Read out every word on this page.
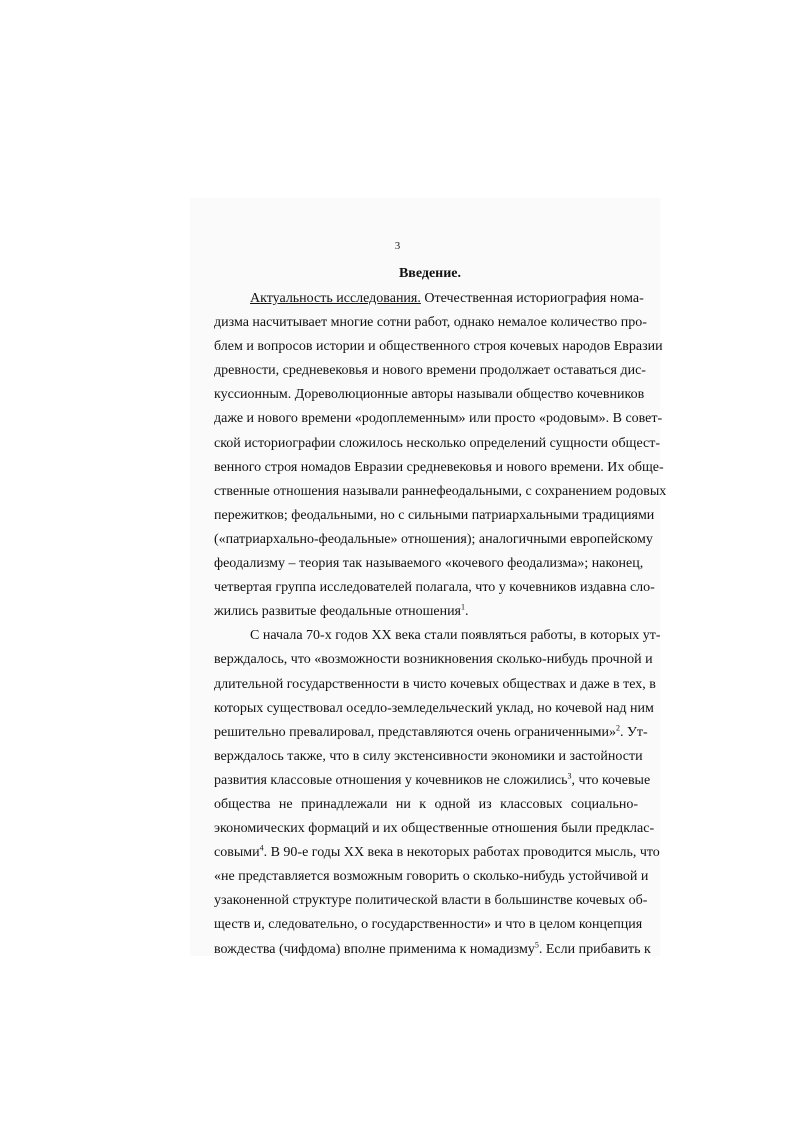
3
Введение.

Актуальность исследования. Отечественная историография нома-
дизма насчитывает многие сотни работ, однако немалое количество про-
блем и вопросов истории и общественного строя кочевых народов Евразии
древности, средневековья и нового времени продолжает оставаться дис-
куссионным. Дореволюционные авторы называли общество кочевников
даже и нового времени «родоплеменным» или просто «родовым». В совет-
ской историографии сложилось несколько определений сущности общест-
венного строя номадов Евразии средневековья и нового времени. Их обще-
ственные отношения называли раннефеодальными, с сохранением родовых
пережитков; феодальными, но с сильными патриархальными традициями
(«патриархально-феодальные» отношения); аналогичными европейскому
феодализму – теория так называемого «кочевого феодализма»; наконец,
четвертая группа исследователей полагала, что у кочевников издавна сло-
жились развитые феодальные отношения$^1$.

С начала 70-х годов XX века стали появляться работы, в которых ут-
верждалось, что «возможности возникновения сколько-нибудь прочной и
длительной государственности в чисто кочевых обществах и даже в тех, в
которых существовал оседло-земледельческий уклад, но кочевой над ним
решительно превалировал, представляются очень ограниченными»$^2$. Ут-
верждалось также, что в силу экстенсивности экономики и застойности
развития классовые отношения у кочевников не сложились$^3$, что кочевые
общества не принадлежали ни к одной из классовых социально-
экономических формаций и их общественные отношения были предклас-
совыми$^4$. В 90-е годы XX века в некоторых работах проводится мысль, что
«не представляется возможным говорить о сколько-нибудь устойчивой и
узаконенной структуре политической власти в большинстве кочевых об-
ществ и, следовательно, о государственности» и что в целом концепция
вождества (чифдома) вполне применима к номадизму$^5$. Если прибавить к
